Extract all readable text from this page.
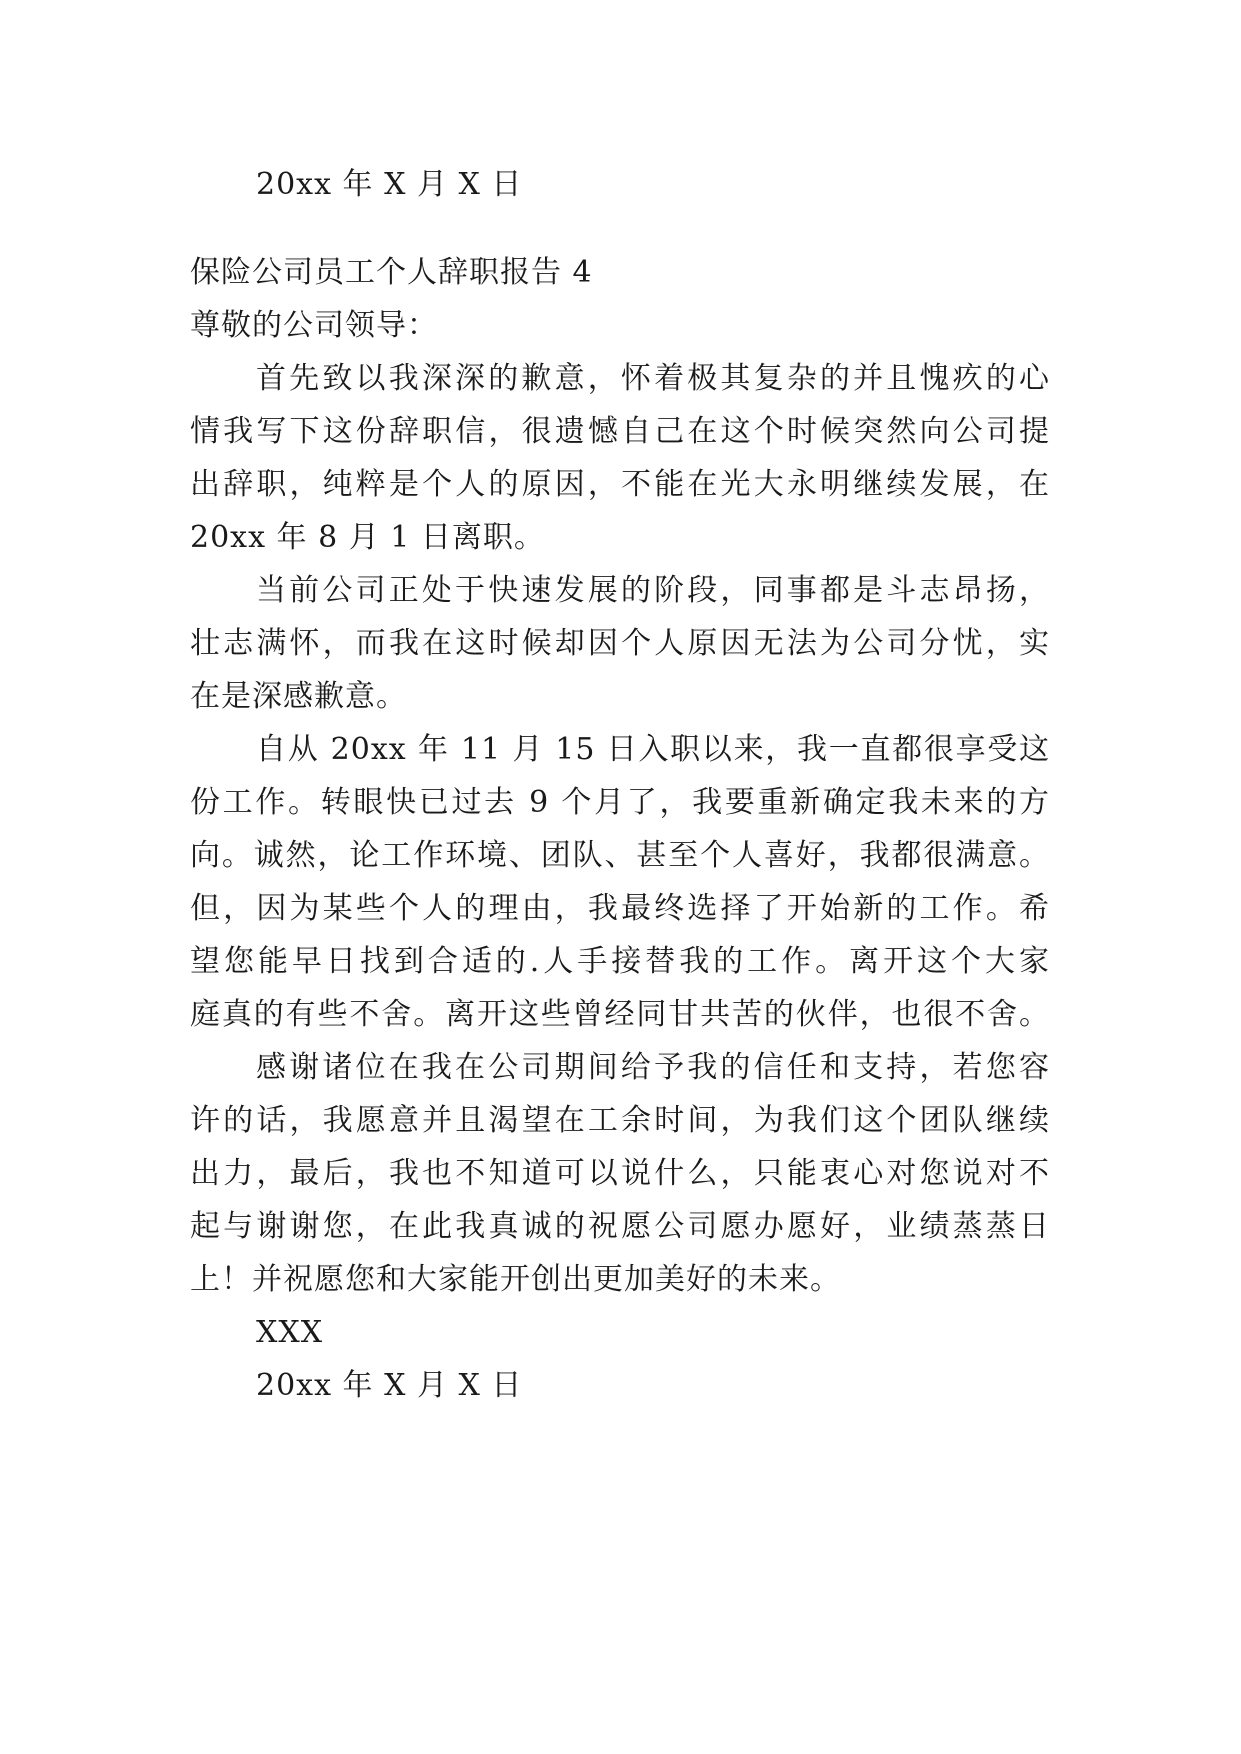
20xx 年 X 月 X 日
保险公司员工个人辞职报告 4
尊敬的公司领导：
首先致以我深深的歉意，怀着极其复杂的并且愧疚的心
情我写下这份辞职信，很遗憾自己在这个时候突然向公司提
出辞职，纯粹是个人的原因，不能在光大永明继续发展，在
20xx 年 8 月 1 日离职。
当前公司正处于快速发展的阶段，同事都是斗志昂扬，
壮志满怀，而我在这时候却因个人原因无法为公司分忧，实
在是深感歉意。
自从 20xx 年 11 月 15 日入职以来，我一直都很享受这
份工作。转眼快已过去 9 个月了，我要重新确定我未来的方
向。诚然，论工作环境、团队、甚至个人喜好，我都很满意。
但，因为某些个人的理由，我最终选择了开始新的工作。希
望您能早日找到合适的.人手接替我的工作。离开这个大家
庭真的有些不舍。离开这些曾经同甘共苦的伙伴，也很不舍。
感谢诸位在我在公司期间给予我的信任和支持，若您容
许的话，我愿意并且渴望在工余时间，为我们这个团队继续
出力，最后，我也不知道可以说什么，只能衷心对您说对不
起与谢谢您，在此我真诚的祝愿公司愿办愿好，业绩蒸蒸日
上！并祝愿您和大家能开创出更加美好的未来。
XXX
20xx 年 X 月 X 日
